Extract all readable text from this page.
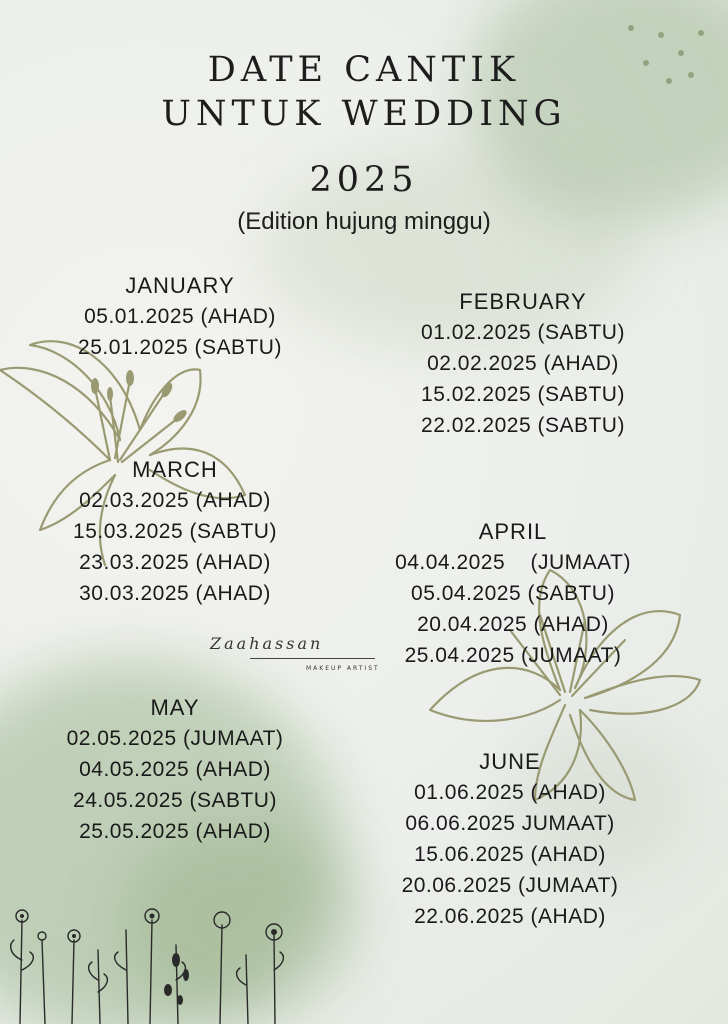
DATE CANTIK
UNTUK WEDDING
2025
(Edition hujung minggu)
JANUARY
05.01.2025 (AHAD)
25.01.2025 (SABTU)
FEBRUARY
01.02.2025 (SABTU)
02.02.2025 (AHAD)
15.02.2025 (SABTU)
22.02.2025 (SABTU)
MARCH
02.03.2025 (AHAD)
15.03.2025 (SABTU)
23.03.2025 (AHAD)
30.03.2025 (AHAD)
APRIL
04.04.2025    (JUMAAT)
05.04.2025 (SABTU)
20.04.2025 (AHAD)
25.04.2025 (JUMAAT)
Zaahassan
MAKEUP ARTIST
MAY
02.05.2025 (JUMAAT)
04.05.2025 (AHAD)
24.05.2025 (SABTU)
25.05.2025 (AHAD)
JUNE
01.06.2025 (AHAD)
06.06.2025 JUMAAT)
15.06.2025 (AHAD)
20.06.2025 (JUMAAT)
22.06.2025 (AHAD)
